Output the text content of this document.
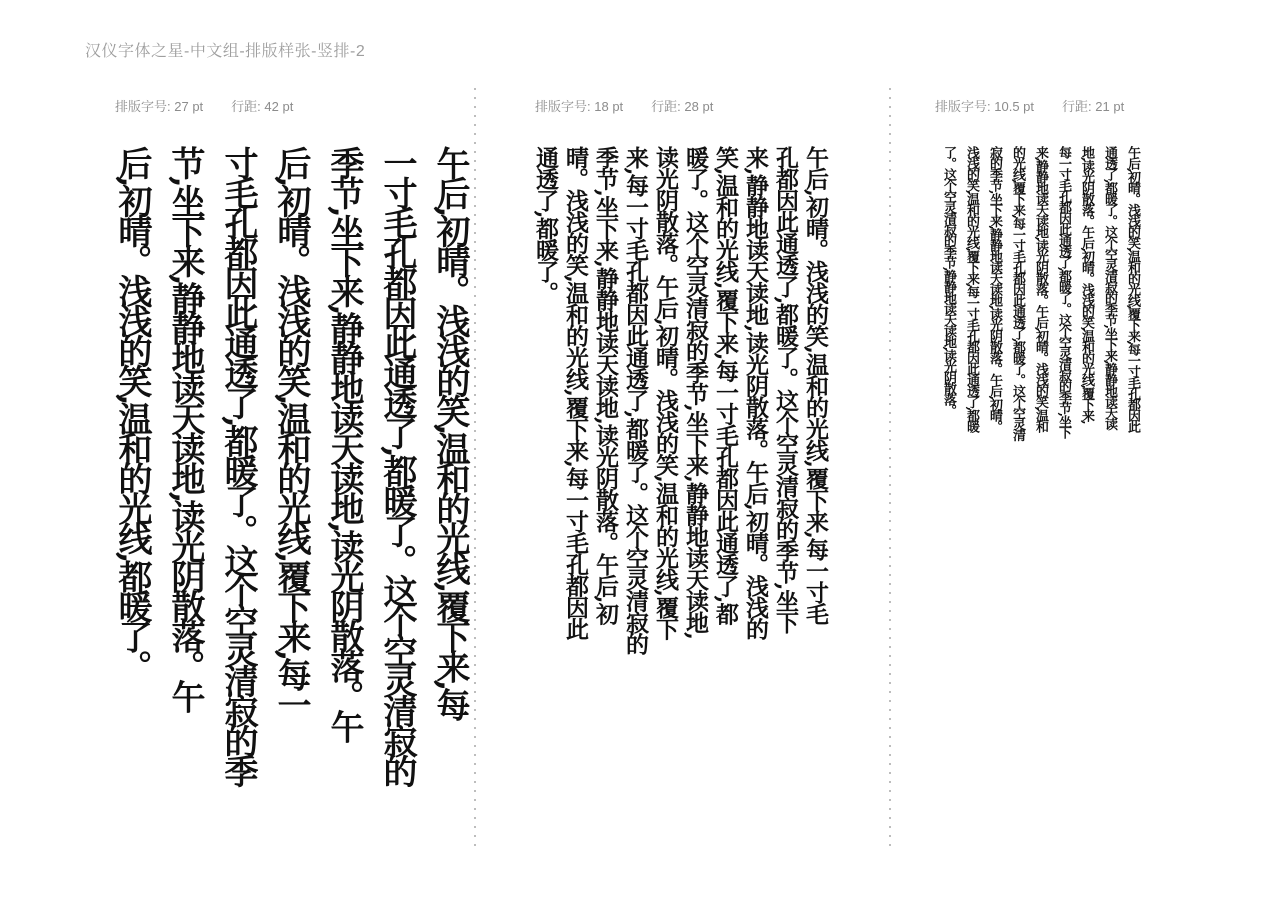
汉仪字体之星-中文组-排版样张-竖排-2
排版字号:
27 pt 行距:
42 pt	排版字号:
18 pt 行距:
28 pt	排版字号:
10.5 pt 行距:
21 pt
午后,初晴。浅浅的笑,温和的光线,覆下来,每
一寸毛孔都因此通透了,都暖了。这个空灵清寂的
季节,坐下来,静静地读天读地,读光阴散落。午
后,初晴。浅浅的笑,温和的光线,覆下来,每一
寸毛孔都因此通透了,都暖了。这个空灵清寂的季
节,坐下来,静静地读天读地,读光阴散落。午
后,初晴。浅浅的笑,温和的光线,都暖了。	午后,初晴。浅浅的笑,温和的光线,覆下来,每一寸毛
孔都因此通透了,都暖了。这个空灵清寂的季节,坐下
来,静静地读天读地,读光阴散落。午后,初晴。浅浅的
笑,温和的光线,覆下来,每一寸毛孔都因此通透了,都
暖了。这个空灵清寂的季节,坐下来,静静地读天读地,
读光阴散落。午后,初晴。浅浅的笑,温和的光线,覆下
来,每一寸毛孔都因此通透了,都暖了。这个空灵清寂的
季节,坐下来,静静地读天读地,读光阴散落。午后,初
晴。浅浅的笑,温和的光线,覆下来,每一寸毛孔都因此
通透了,都暖了。	午后,初晴。浅浅的笑,温和的光线,覆下来,每一寸毛孔都因此
通透了,都暖了。这个空灵清寂的季节,坐下来,静静地读天读
地,读光阴散落。午后,初晴。浅浅的笑,温和的光线,覆下来,
每一寸毛孔都因此通透了,都暖了。这个空灵清寂的季节,坐下
来,静静地读天读地,读光阴散落。午后,初晴。浅浅的笑,温和
的光线,覆下来,每一寸毛孔都因此通透了,都暖了。这个空灵清
寂的季节,坐下来,静静地读天读地,读光阴散落。午后,初晴。
浅浅的笑,温和的光线,覆下来,每一寸毛孔都因此通透了,都暖
了。这个空灵清寂的季节,静静地读天读地,读光阴散落。
